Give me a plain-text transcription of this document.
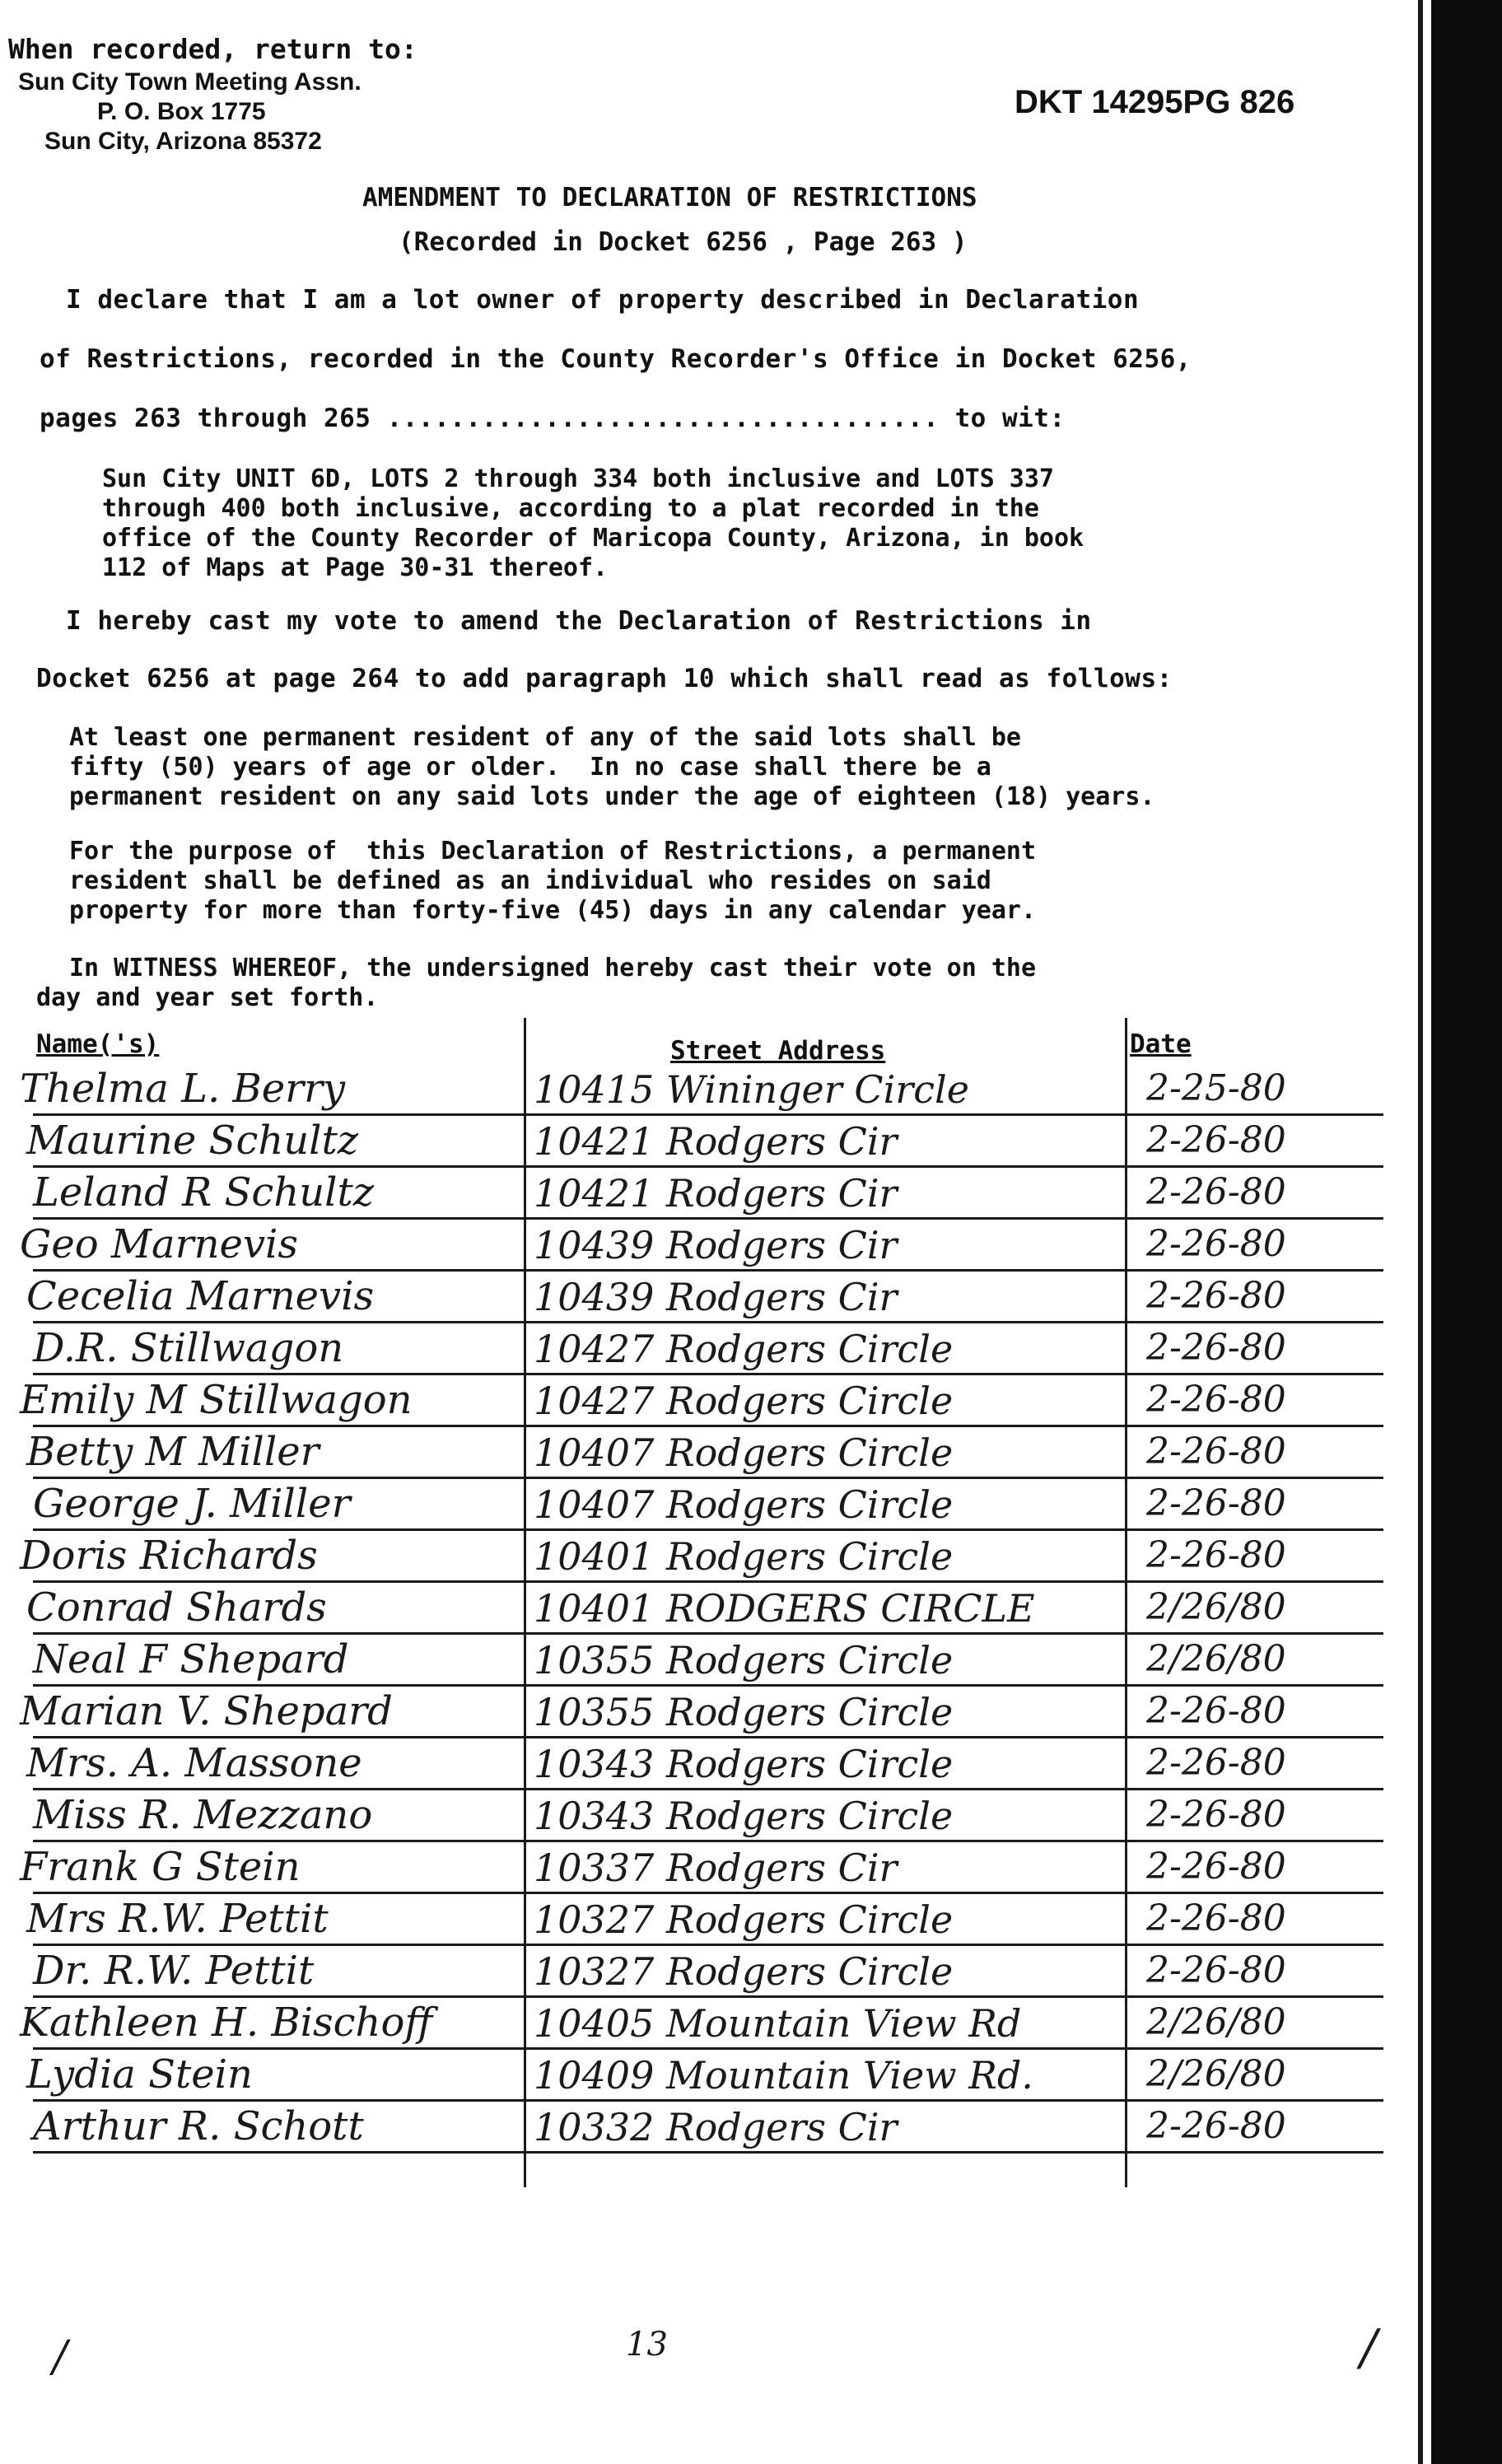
When recorded, return to:
Sun City Town Meeting Assn.
P. O. Box 1775
Sun City, Arizona 85372
DKT 14295PG 826
AMENDMENT TO DECLARATION OF RESTRICTIONS
(Recorded in Docket 6256 , Page 263 )
I declare that I am a lot owner of property described in Declaration
of Restrictions, recorded in the County Recorder's Office in Docket 6256,
pages 263 through 265 ................................... to wit:
Sun City UNIT 6D, LOTS 2 through 334 both inclusive and LOTS 337
through 400 both inclusive, according to a plat recorded in the
office of the County Recorder of Maricopa County, Arizona, in book
112 of Maps at Page 30-31 thereof.
I hereby cast my vote to amend the Declaration of Restrictions in
Docket 6256 at page 264 to add paragraph 10 which shall read as follows:
At least one permanent resident of any of the said lots shall be
fifty (50) years of age or older.  In no case shall there be a
permanent resident on any said lots under the age of eighteen (18) years.
For the purpose of  this Declaration of Restrictions, a permanent
resident shall be defined as an individual who resides on said
property for more than forty-five (45) days in any calendar year.
In WITNESS WHEREOF, the undersigned hereby cast their vote on the
day and year set forth.
Name('s)	Street Address	Date
Thelma L. Berry	10415 Wininger Circle	2-25-80
Maurine Schultz	10421 Rodgers Cir	2-26-80
Leland R Schultz	10421 Rodgers Cir	2-26-80
Geo Marnevis	10439 Rodgers Cir	2-26-80
Cecelia Marnevis	10439 Rodgers Cir	2-26-80
D.R. Stillwagon	10427 Rodgers Circle	2-26-80
Emily M Stillwagon	10427 Rodgers Circle	2-26-80
Betty M Miller	10407 Rodgers Circle	2-26-80
George J. Miller	10407 Rodgers Circle	2-26-80
Doris Richards	10401 Rodgers Circle	2-26-80
Conrad Shards	10401 RODGERS CIRCLE	2/26/80
Neal F Shepard	10355 Rodgers Circle	2/26/80
Marian V. Shepard	10355 Rodgers Circle	2-26-80
Mrs. A. Massone	10343 Rodgers Circle	2-26-80
Miss R. Mezzano	10343 Rodgers Circle	2-26-80
Frank G Stein	10337 Rodgers Cir	2-26-80
Mrs R.W. Pettit	10327 Rodgers Circle	2-26-80
Dr. R.W. Pettit	10327 Rodgers Circle	2-26-80
Kathleen H. Bischoff	10405 Mountain View Rd	2/26/80
Lydia Stein	10409 Mountain View Rd.	2/26/80
Arthur R. Schott	10332 Rodgers Cir	2-26-80
13
/	/
